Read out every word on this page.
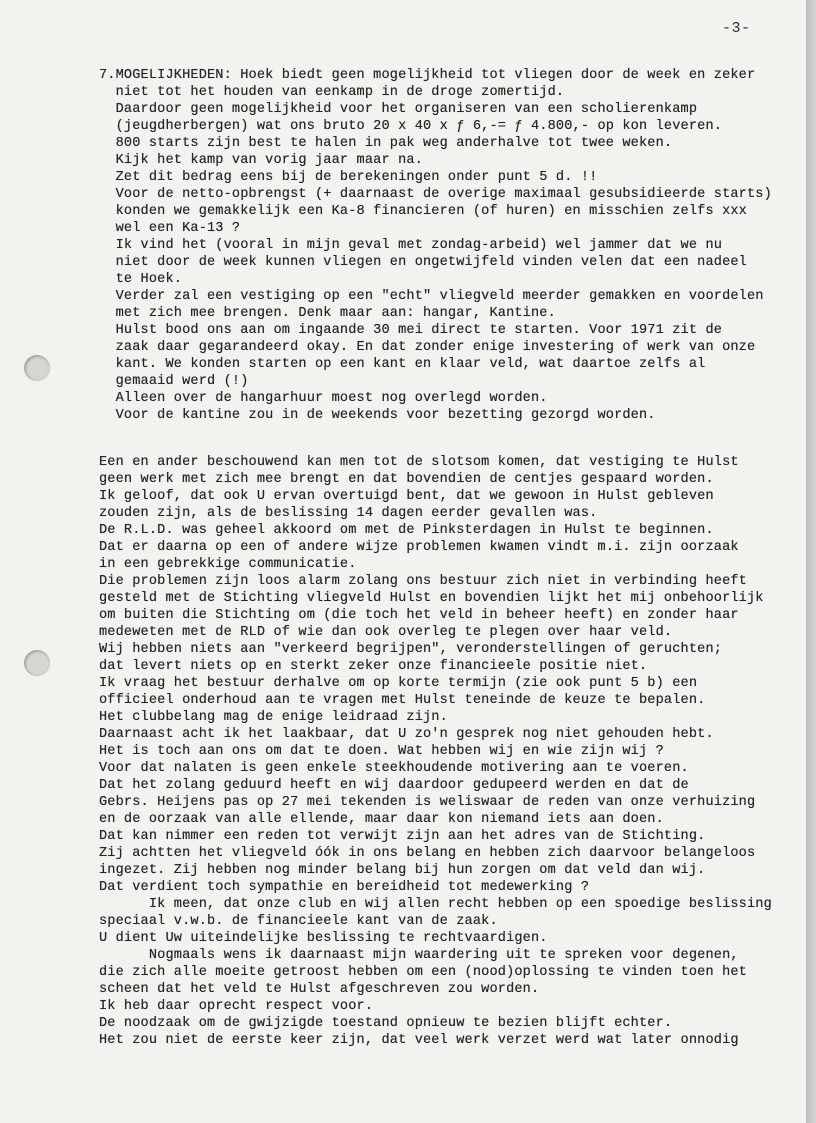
-3-
7.MOGELIJKHEDEN: Hoek biedt geen mogelijkheid tot vliegen door de week en zeker
niet tot het houden van eenkamp in de droge zomertijd.
Daardoor geen mogelijkheid voor het organiseren van een scholierenkamp
(jeugdherbergen) wat ons bruto 20 x 40 x ƒ 6,-= ƒ 4.800,- op kon leveren.
800 starts zijn best te halen in pak weg anderhalve tot twee weken.
Kijk het kamp van vorig jaar maar na.
Zet dit bedrag eens bij de berekeningen onder punt 5 d. !!
Voor de netto-opbrengst (+ daarnaast de overige maximaal gesubsidieerde starts)
konden we gemakkelijk een Ka-8 financieren (of huren) en misschien zelfs xxx
wel een Ka-13 ?
Ik vind het (vooral in mijn geval met zondag-arbeid) wel jammer dat we nu
niet door de week kunnen vliegen en ongetwijfeld vinden velen dat een nadeel
te Hoek.
Verder zal een vestiging op een "echt" vliegveld meerder gemakken en voordelen
met zich mee brengen. Denk maar aan: hangar, Kantine.
Hulst bood ons aan om ingaande 30 mei direct te starten. Voor 1971 zit de
zaak daar gegarandeerd okay. En dat zonder enige investering of werk van onze
kant. We konden starten op een kant en klaar veld, wat daartoe zelfs al
gemaaid werd (!)
Alleen over de hangarhuur moest nog overlegd worden.
Voor de kantine zou in de weekends voor bezetting gezorgd worden.
Een en ander beschouwend kan men tot de slotsom komen, dat vestiging te Hulst
geen werk met zich mee brengt en dat bovendien de centjes gespaard worden.
Ik geloof, dat ook U ervan overtuigd bent, dat we gewoon in Hulst gebleven
zouden zijn, als de beslissing 14 dagen eerder gevallen was.
De R.L.D. was geheel akkoord om met de Pinksterdagen in Hulst te beginnen.
Dat er daarna op een of andere wijze problemen kwamen vindt m.i. zijn oorzaak
in een gebrekkige communicatie.
Die problemen zijn loos alarm zolang ons bestuur zich niet in verbinding heeft
gesteld met de Stichting vliegveld Hulst en bovendien lijkt het mij onbehoorlijk
om buiten die Stichting om (die toch het veld in beheer heeft) en zonder haar
medeweten met de RLD of wie dan ook overleg te plegen over haar veld.
Wij hebben niets aan "verkeerd begrijpen", veronderstellingen of geruchten;
dat levert niets op en sterkt zeker onze financieele positie niet.
Ik vraag het bestuur derhalve om op korte termijn (zie ook punt 5 b) een
officieel onderhoud aan te vragen met Hulst teneinde de keuze te bepalen.
Het clubbelang mag de enige leidraad zijn.
Daarnaast acht ik het laakbaar, dat U zo'n gesprek nog niet gehouden hebt.
Het is toch aan ons om dat te doen. Wat hebben wij en wie zijn wij ?
Voor dat nalaten is geen enkele steekhoudende motivering aan te voeren.
Dat het zolang geduurd heeft en wij daardoor gedupeerd werden en dat de
Gebrs. Heijens pas op 27 mei tekenden is weliswaar de reden van onze verhuizing
en de oorzaak van alle ellende, maar daar kon niemand iets aan doen.
Dat kan nimmer een reden tot verwijt zijn aan het adres van de Stichting.
Zij achtten het vliegveld óók in ons belang en hebben zich daarvoor belangeloos
ingezet. Zij hebben nog minder belang bij hun zorgen om dat veld dan wij.
Dat verdient toch sympathie en bereidheid tot medewerking ?
Ik meen, dat onze club en wij allen recht hebben op een spoedige beslissing
speciaal v.w.b. de financieele kant van de zaak.
U dient Uw uiteindelijke beslissing te rechtvaardigen.
Nogmaals wens ik daarnaast mijn waardering uit te spreken voor degenen,
die zich alle moeite getroost hebben om een (nood)oplossing te vinden toen het
scheen dat het veld te Hulst afgeschreven zou worden.
Ik heb daar oprecht respect voor.
De noodzaak om de gwijzigde toestand opnieuw te bezien blijft echter.
Het zou niet de eerste keer zijn, dat veel werk verzet werd wat later onnodig
